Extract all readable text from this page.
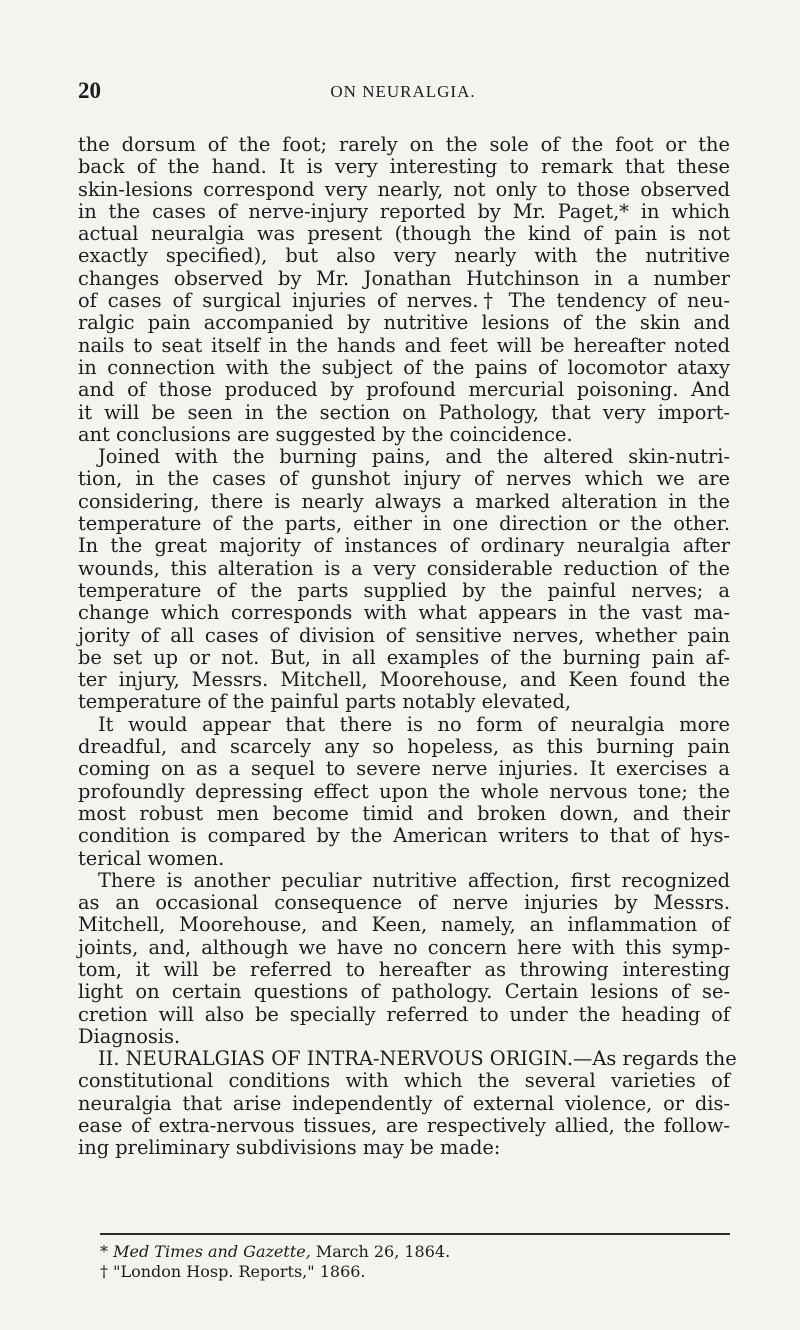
20	ON NEURALGIA.
the dorsum of the foot; rarely on the sole of the foot or the
back of the hand. It is very interesting to remark that these
skin-lesions correspond very nearly, not only to those observed
in the cases of nerve-injury reported by Mr. Paget,* in which
actual neuralgia was present (though the kind of pain is not
exactly specified), but also very nearly with the nutritive
changes observed by Mr. Jonathan Hutchinson in a number
of cases of surgical injuries of nerves.† The tendency of neu-
ralgic pain accompanied by nutritive lesions of the skin and
nails to seat itself in the hands and feet will be hereafter noted
in connection with the subject of the pains of locomotor ataxy
and of those produced by profound mercurial poisoning. And
it will be seen in the section on Pathology, that very import-
ant conclusions are suggested by the coincidence.
Joined with the burning pains, and the altered skin-nutri-
tion, in the cases of gunshot injury of nerves which we are
considering, there is nearly always a marked alteration in the
temperature of the parts, either in one direction or the other.
In the great majority of instances of ordinary neuralgia after
wounds, this alteration is a very considerable reduction of the
temperature of the parts supplied by the painful nerves; a
change which corresponds with what appears in the vast ma-
jority of all cases of division of sensitive nerves, whether pain
be set up or not. But, in all examples of the burning pain af-
ter injury, Messrs. Mitchell, Moorehouse, and Keen found the
temperature of the painful parts notably elevated,
It would appear that there is no form of neuralgia more
dreadful, and scarcely any so hopeless, as this burning pain
coming on as a sequel to severe nerve injuries. It exercises a
profoundly depressing effect upon the whole nervous tone; the
most robust men become timid and broken down, and their
condition is compared by the American writers to that of hys-
terical women.
There is another peculiar nutritive affection, first recognized
as an occasional consequence of nerve injuries by Messrs.
Mitchell, Moorehouse, and Keen, namely, an inflammation of
joints, and, although we have no concern here with this symp-
tom, it will be referred to hereafter as throwing interesting
light on certain questions of pathology. Certain lesions of se-
cretion will also be specially referred to under the heading of
Diagnosis.
II. NEURALGIAS OF INTRA-NERVOUS ORIGIN.—As regards the
constitutional conditions with which the several varieties of
neuralgia that arise independently of external violence, or dis-
ease of extra-nervous tissues, are respectively allied, the follow-
ing preliminary subdivisions may be made:
* Med Times and Gazette, March 26, 1864.
† "London Hosp. Reports," 1866.
